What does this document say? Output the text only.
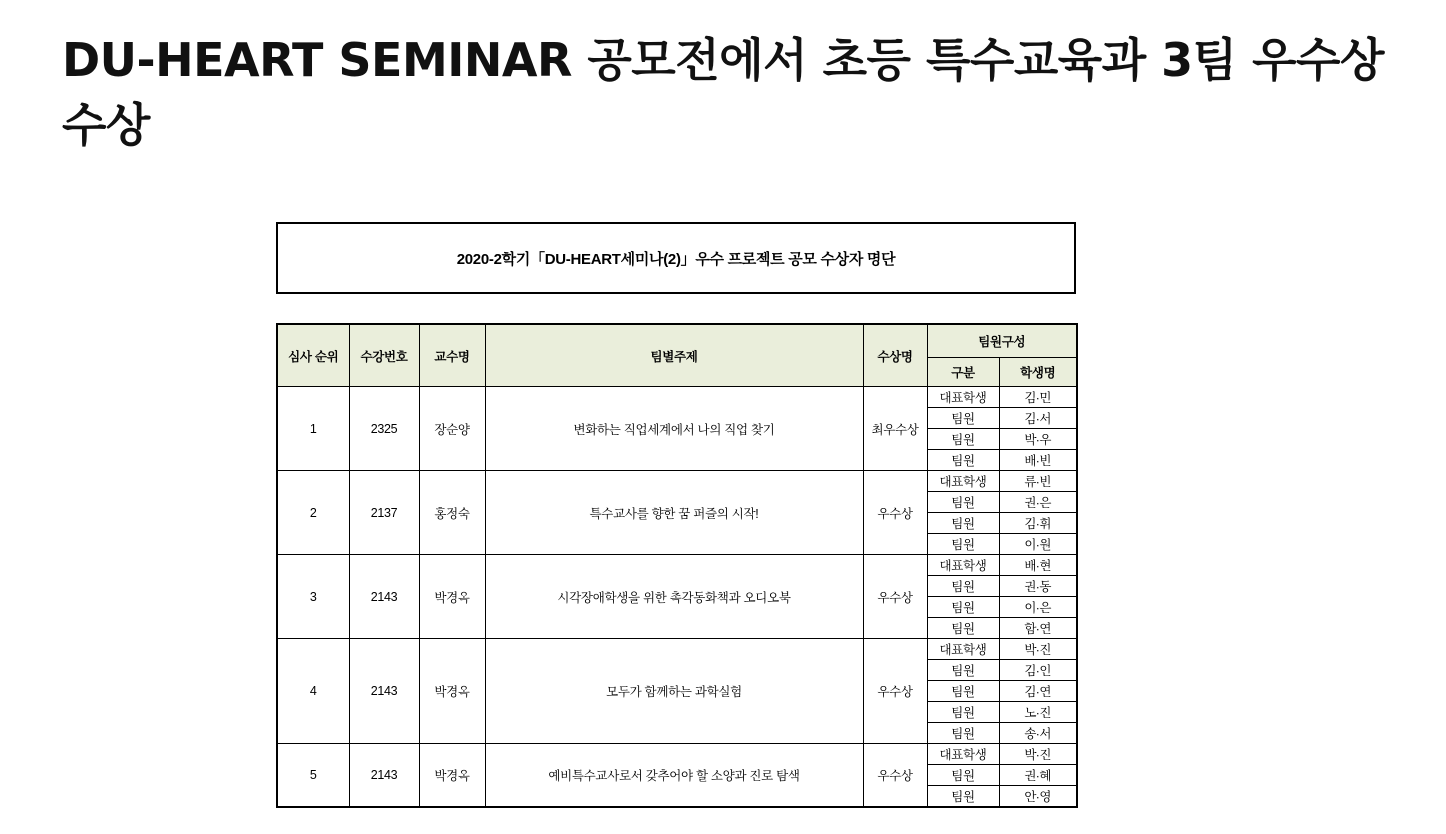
DU-HEART SEMINAR 공모전에서 초등 특수교육과 3팀 우수상 수상
2020-2학기「DU-HEART세미나(2)」우수 프로젝트 공모 수상자 명단
심사 순위	수강번호	교수명	팀별주제	수상명	팀원구성	
					구분	학생명
1	2325	장순양	변화하는 직업세계에서 나의 직업 찾기	최우수상	대표학생	김∙민
					팀원	김∙서
					팀원	박∙우
					팀원	배∙빈
2	2137	홍정숙	특수교사를 향한 꿈 퍼즐의 시작!	우수상	대표학생	류∙빈
					팀원	권∙은
					팀원	김∙휘
					팀원	이∙원
3	2143	박경옥	시각장애학생을 위한 촉각동화책과 오디오북	우수상	대표학생	배∙현
					팀원	권∙동
					팀원	이∙은
					팀원	함∙연
4	2143	박경옥	모두가 함께하는 과학실험	우수상	대표학생	박∙진
					팀원	김∙인
					팀원	김∙연
					팀원	노∙진
					팀원	송∙서
5	2143	박경옥	예비특수교사로서 갖추어야 할 소양과 진로 탐색	우수상	대표학생	박∙진
					팀원	권∙혜
					팀원	안∙영
